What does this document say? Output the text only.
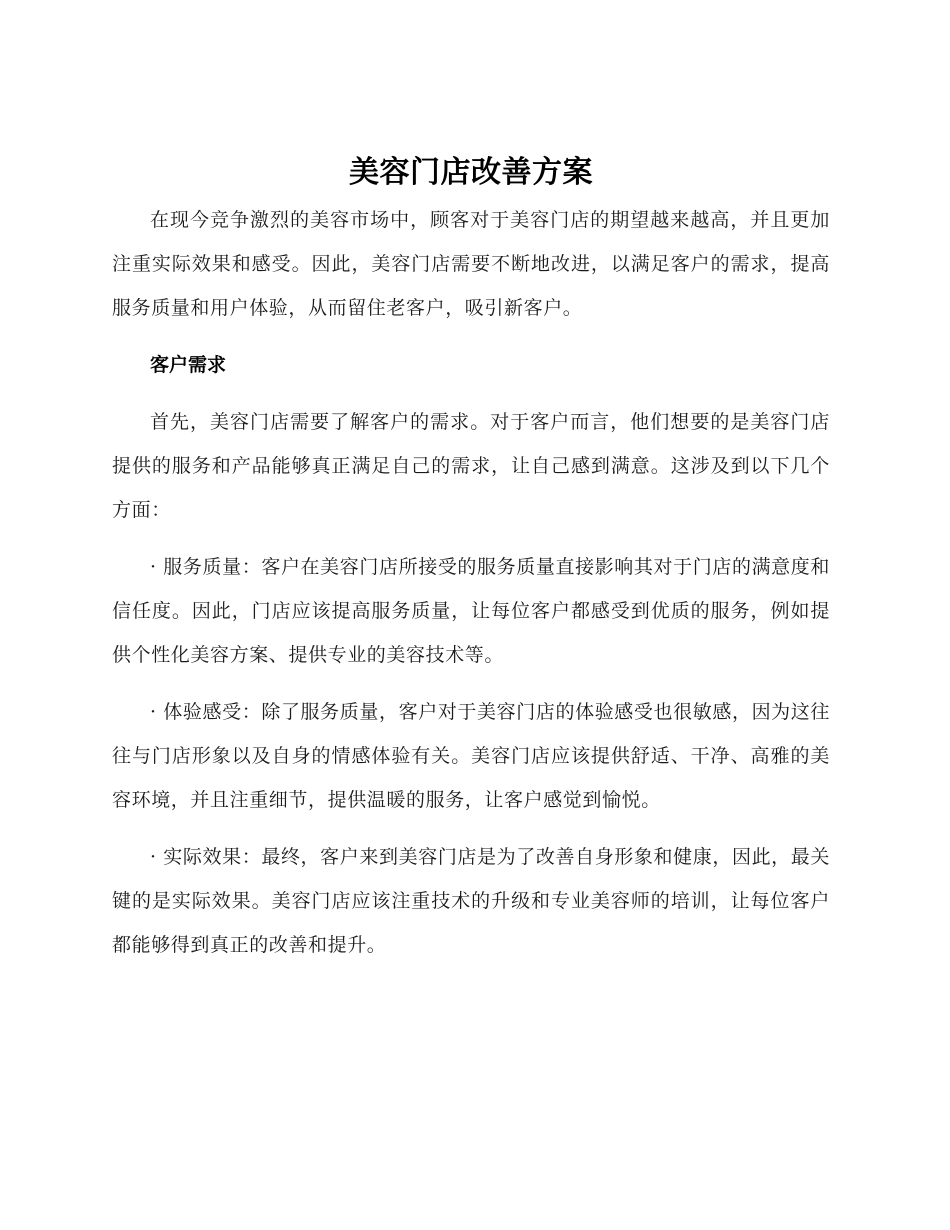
美容门店改善方案

在现今竞争激烈的美容市场中，顾客对于美容门店的期望越来越高，并且更加注重实际效果和感受。因此，美容门店需要不断地改进，以满足客户的需求，提高服务质量和用户体验，从而留住老客户，吸引新客户。

客户需求

首先，美容门店需要了解客户的需求。对于客户而言，他们想要的是美容门店提供的服务和产品能够真正满足自己的需求，让自己感到满意。这涉及到以下几个方面：

· 服务质量：客户在美容门店所接受的服务质量直接影响其对于门店的满意度和信任度。因此，门店应该提高服务质量，让每位客户都感受到优质的服务，例如提供个性化美容方案、提供专业的美容技术等。

· 体验感受：除了服务质量，客户对于美容门店的体验感受也很敏感，因为这往往与门店形象以及自身的情感体验有关。美容门店应该提供舒适、干净、高雅的美容环境，并且注重细节，提供温暖的服务，让客户感觉到愉悦。

· 实际效果：最终，客户来到美容门店是为了改善自身形象和健康，因此，最关键的是实际效果。美容门店应该注重技术的升级和专业美容师的培训，让每位客户都能够得到真正的改善和提升。
